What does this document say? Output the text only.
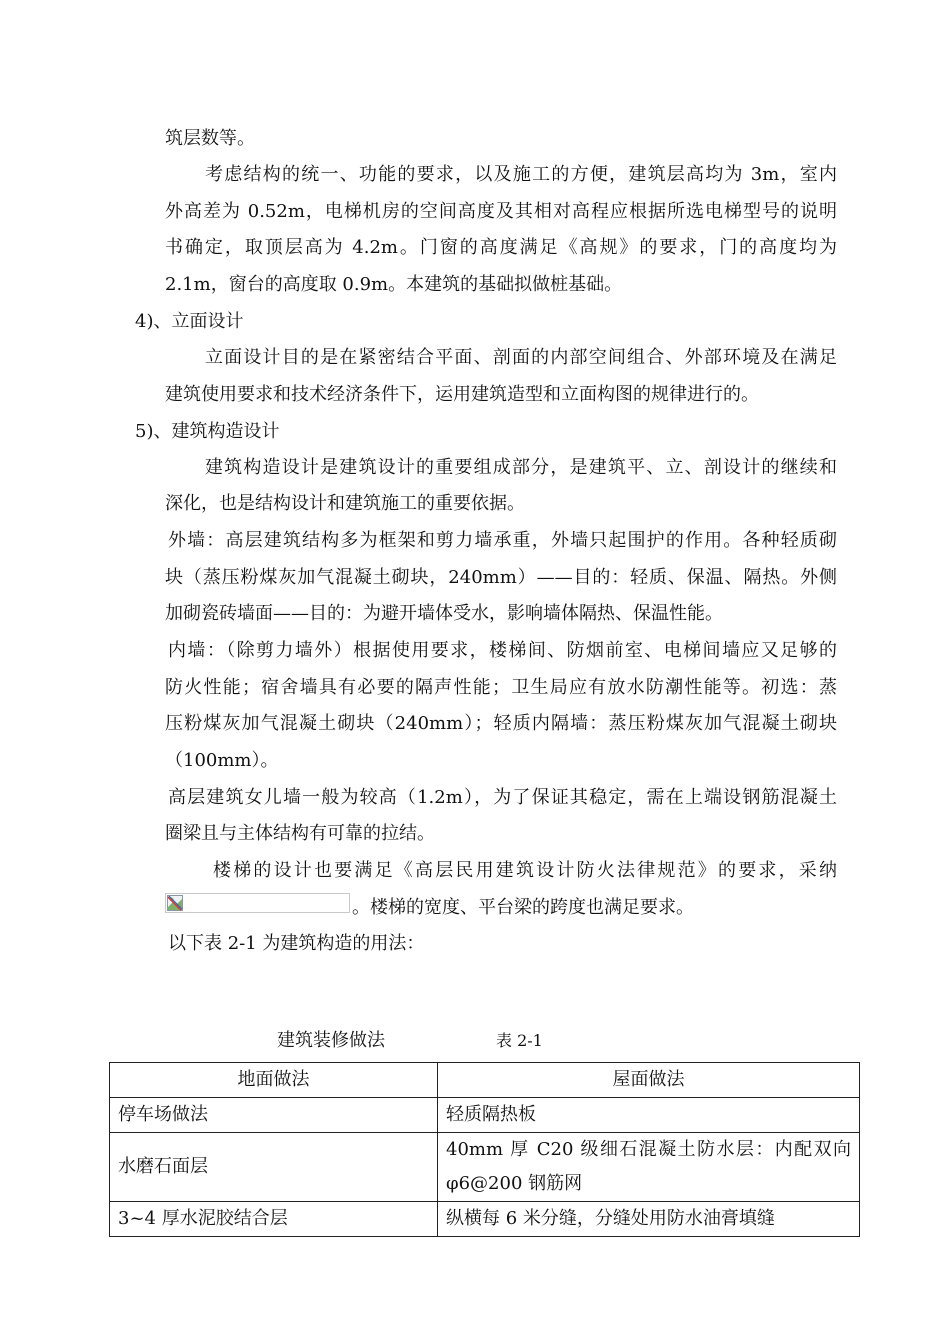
筑层数等。
考虑结构的统一、功能的要求，以及施工的方便，建筑层高均为 3m，室内
外高差为 0.52m，电梯机房的空间高度及其相对高程应根据所选电梯型号的说明
书确定，取顶层高为 4.2m。门窗的高度满足《高规》的要求，门的高度均为
2.1m，窗台的高度取 0.9m。本建筑的基础拟做桩基础。
4)、立面设计
立面设计目的是在紧密结合平面、剖面的内部空间组合、外部环境及在满足
建筑使用要求和技术经济条件下，运用建筑造型和立面构图的规律进行的。
5)、建筑构造设计
建筑构造设计是建筑设计的重要组成部分，是建筑平、立、剖设计的继续和
深化，也是结构设计和建筑施工的重要依据。
外墙：高层建筑结构多为框架和剪力墙承重，外墙只起围护的作用。各种轻质砌
块（蒸压粉煤灰加气混凝土砌块，240mm）——目的：轻质、保温、隔热。外侧
加砌瓷砖墙面——目的：为避开墙体受水，影响墙体隔热、保温性能。
内墙：（除剪力墙外）根据使用要求，楼梯间、防烟前室、电梯间墙应又足够的
防火性能；宿舍墙具有必要的隔声性能；卫生局应有放水防潮性能等。初选：蒸
压粉煤灰加气混凝土砌块（240mm）；轻质内隔墙：蒸压粉煤灰加气混凝土砌块
（100mm）。
高层建筑女儿墙一般为较高（1.2m），为了保证其稳定，需在上端设钢筋混凝土
圈梁且与主体结构有可靠的拉结。
楼梯的设计也要满足《高层民用建筑设计防火法律规范》的要求，采纳
。楼梯的宽度、平台梁的跨度也满足要求。
以下表 2-1 为建筑构造的用法：
建筑装修做法	表 2-1
地面做法	屋面做法
停车场做法	轻质隔热板
水磨石面层	40mm 厚 C20 级细石混凝土防水层：内配双向
φ6@200 钢筋网

3~4 厚水泥胶结合层	纵横每 6 米分缝，分缝处用防水油膏填缝
